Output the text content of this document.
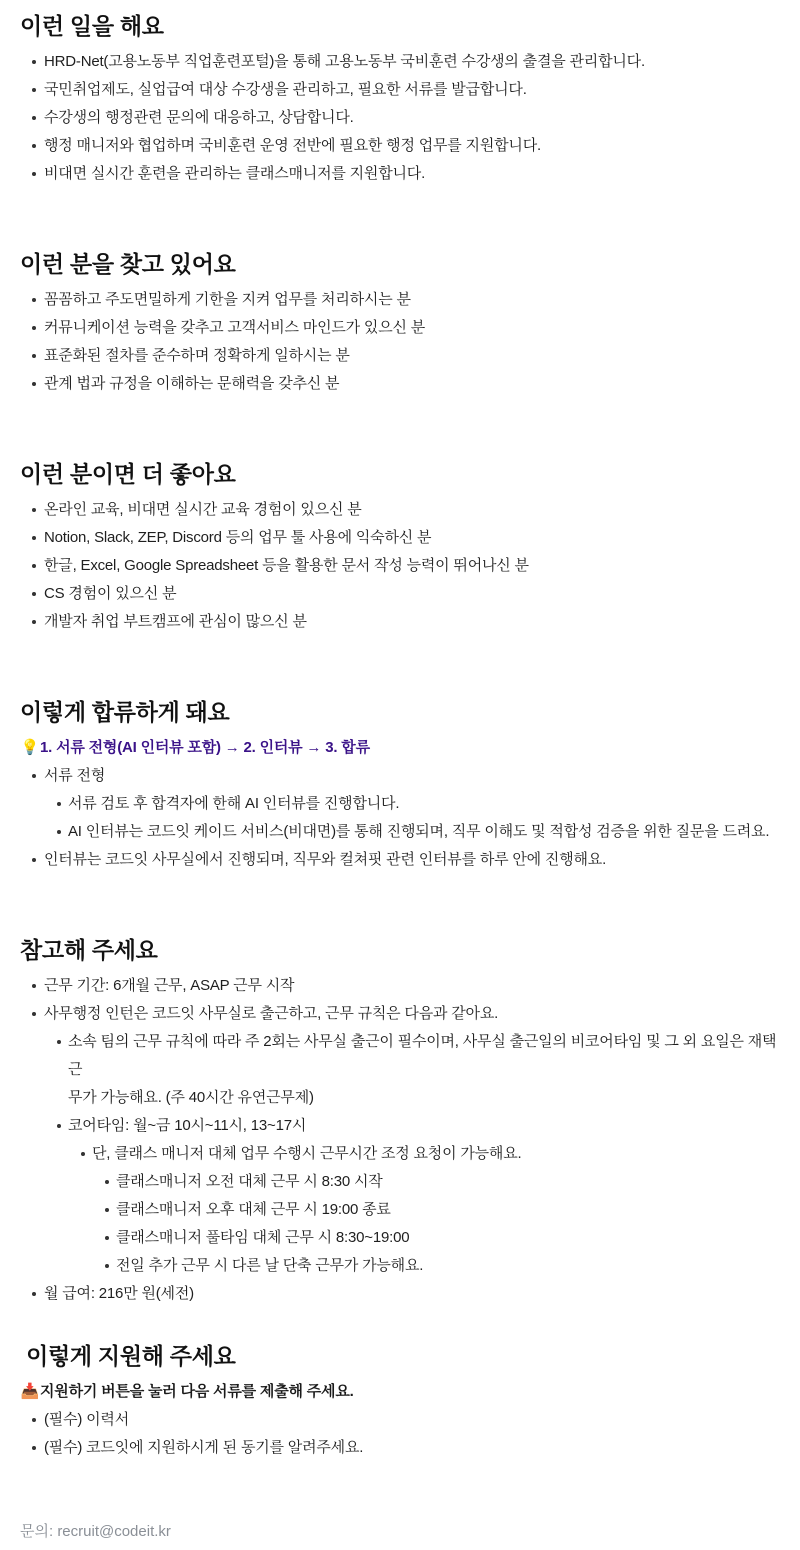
이런 일을 해요
HRD-Net(고용노동부 직업훈련포털)을 통해 고용노동부 국비훈련 수강생의 출결을 관리합니다.
국민취업제도, 실업급여 대상 수강생을 관리하고, 필요한 서류를 발급합니다.
수강생의 행정관련 문의에 대응하고, 상담합니다.
행정 매니저와 협업하며 국비훈련 운영 전반에 필요한 행정 업무를 지원합니다.
비대면 실시간 훈련을 관리하는 클래스매니저를 지원합니다.
이런 분을 찾고 있어요
꼼꼼하고 주도면밀하게 기한을 지켜 업무를 처리하시는 분
커뮤니케이션 능력을 갖추고 고객서비스 마인드가 있으신 분
표준화된 절차를 준수하며 정확하게 일하시는 분
관계 법과 규정을 이해하는 문해력을 갖추신 분
이런 분이면 더 좋아요
온라인 교육, 비대면 실시간 교육 경험이 있으신 분
Notion, Slack, ZEP, Discord 등의 업무 툴 사용에 익숙하신 분
한글, Excel, Google Spreadsheet 등을 활용한 문서 작성 능력이 뛰어나신 분
CS 경험이 있으신 분
개발자 취업 부트캠프에 관심이 많으신 분
이렇게 합류하게 돼요
💡1. 서류 전형(AI 인터뷰 포함) → 2. 인터뷰 → 3. 합류
서류 전형
서류 검토 후 합격자에 한해 AI 인터뷰를 진행합니다.
AI 인터뷰는 코드잇 케이드 서비스(비대면)를 통해 진행되며, 직무 이해도 및 적합성 검증을 위한 질문을 드려요.
인터뷰는 코드잇 사무실에서 진행되며, 직무와 컬쳐핏 관련 인터뷰를 하루 안에 진행해요.
참고해 주세요
근무 기간: 6개월 근무, ASAP 근무 시작
사무행정 인턴은 코드잇 사무실로 출근하고, 근무 규칙은 다음과 같아요.
소속 팀의 근무 규칙에 따라 주 2회는 사무실 출근이 필수이며, 사무실 출근일의 비코어타임 및 그 외 요일은 재택근
무가 가능해요. (주 40시간 유연근무제)
코어타임: 월~금 10시~11시, 13~17시
단, 클래스 매니저 대체 업무 수행시 근무시간 조정 요청이 가능해요.
클래스매니저 오전 대체 근무 시 8:30 시작
클래스매니저 오후 대체 근무 시 19:00 종료
클래스매니저 풀타임 대체 근무 시 8:30~19:00
전일 추가 근무 시 다른 날 단축 근무가 가능해요.
월 급여: 216만 원(세전)
이렇게 지원해 주세요
📥지원하기 버튼을 눌러 다음 서류를 제출해 주세요.
(필수) 이력서
(필수) 코드잇에 지원하시게 된 동기를 알려주세요.
문의: recruit@codeit.kr
